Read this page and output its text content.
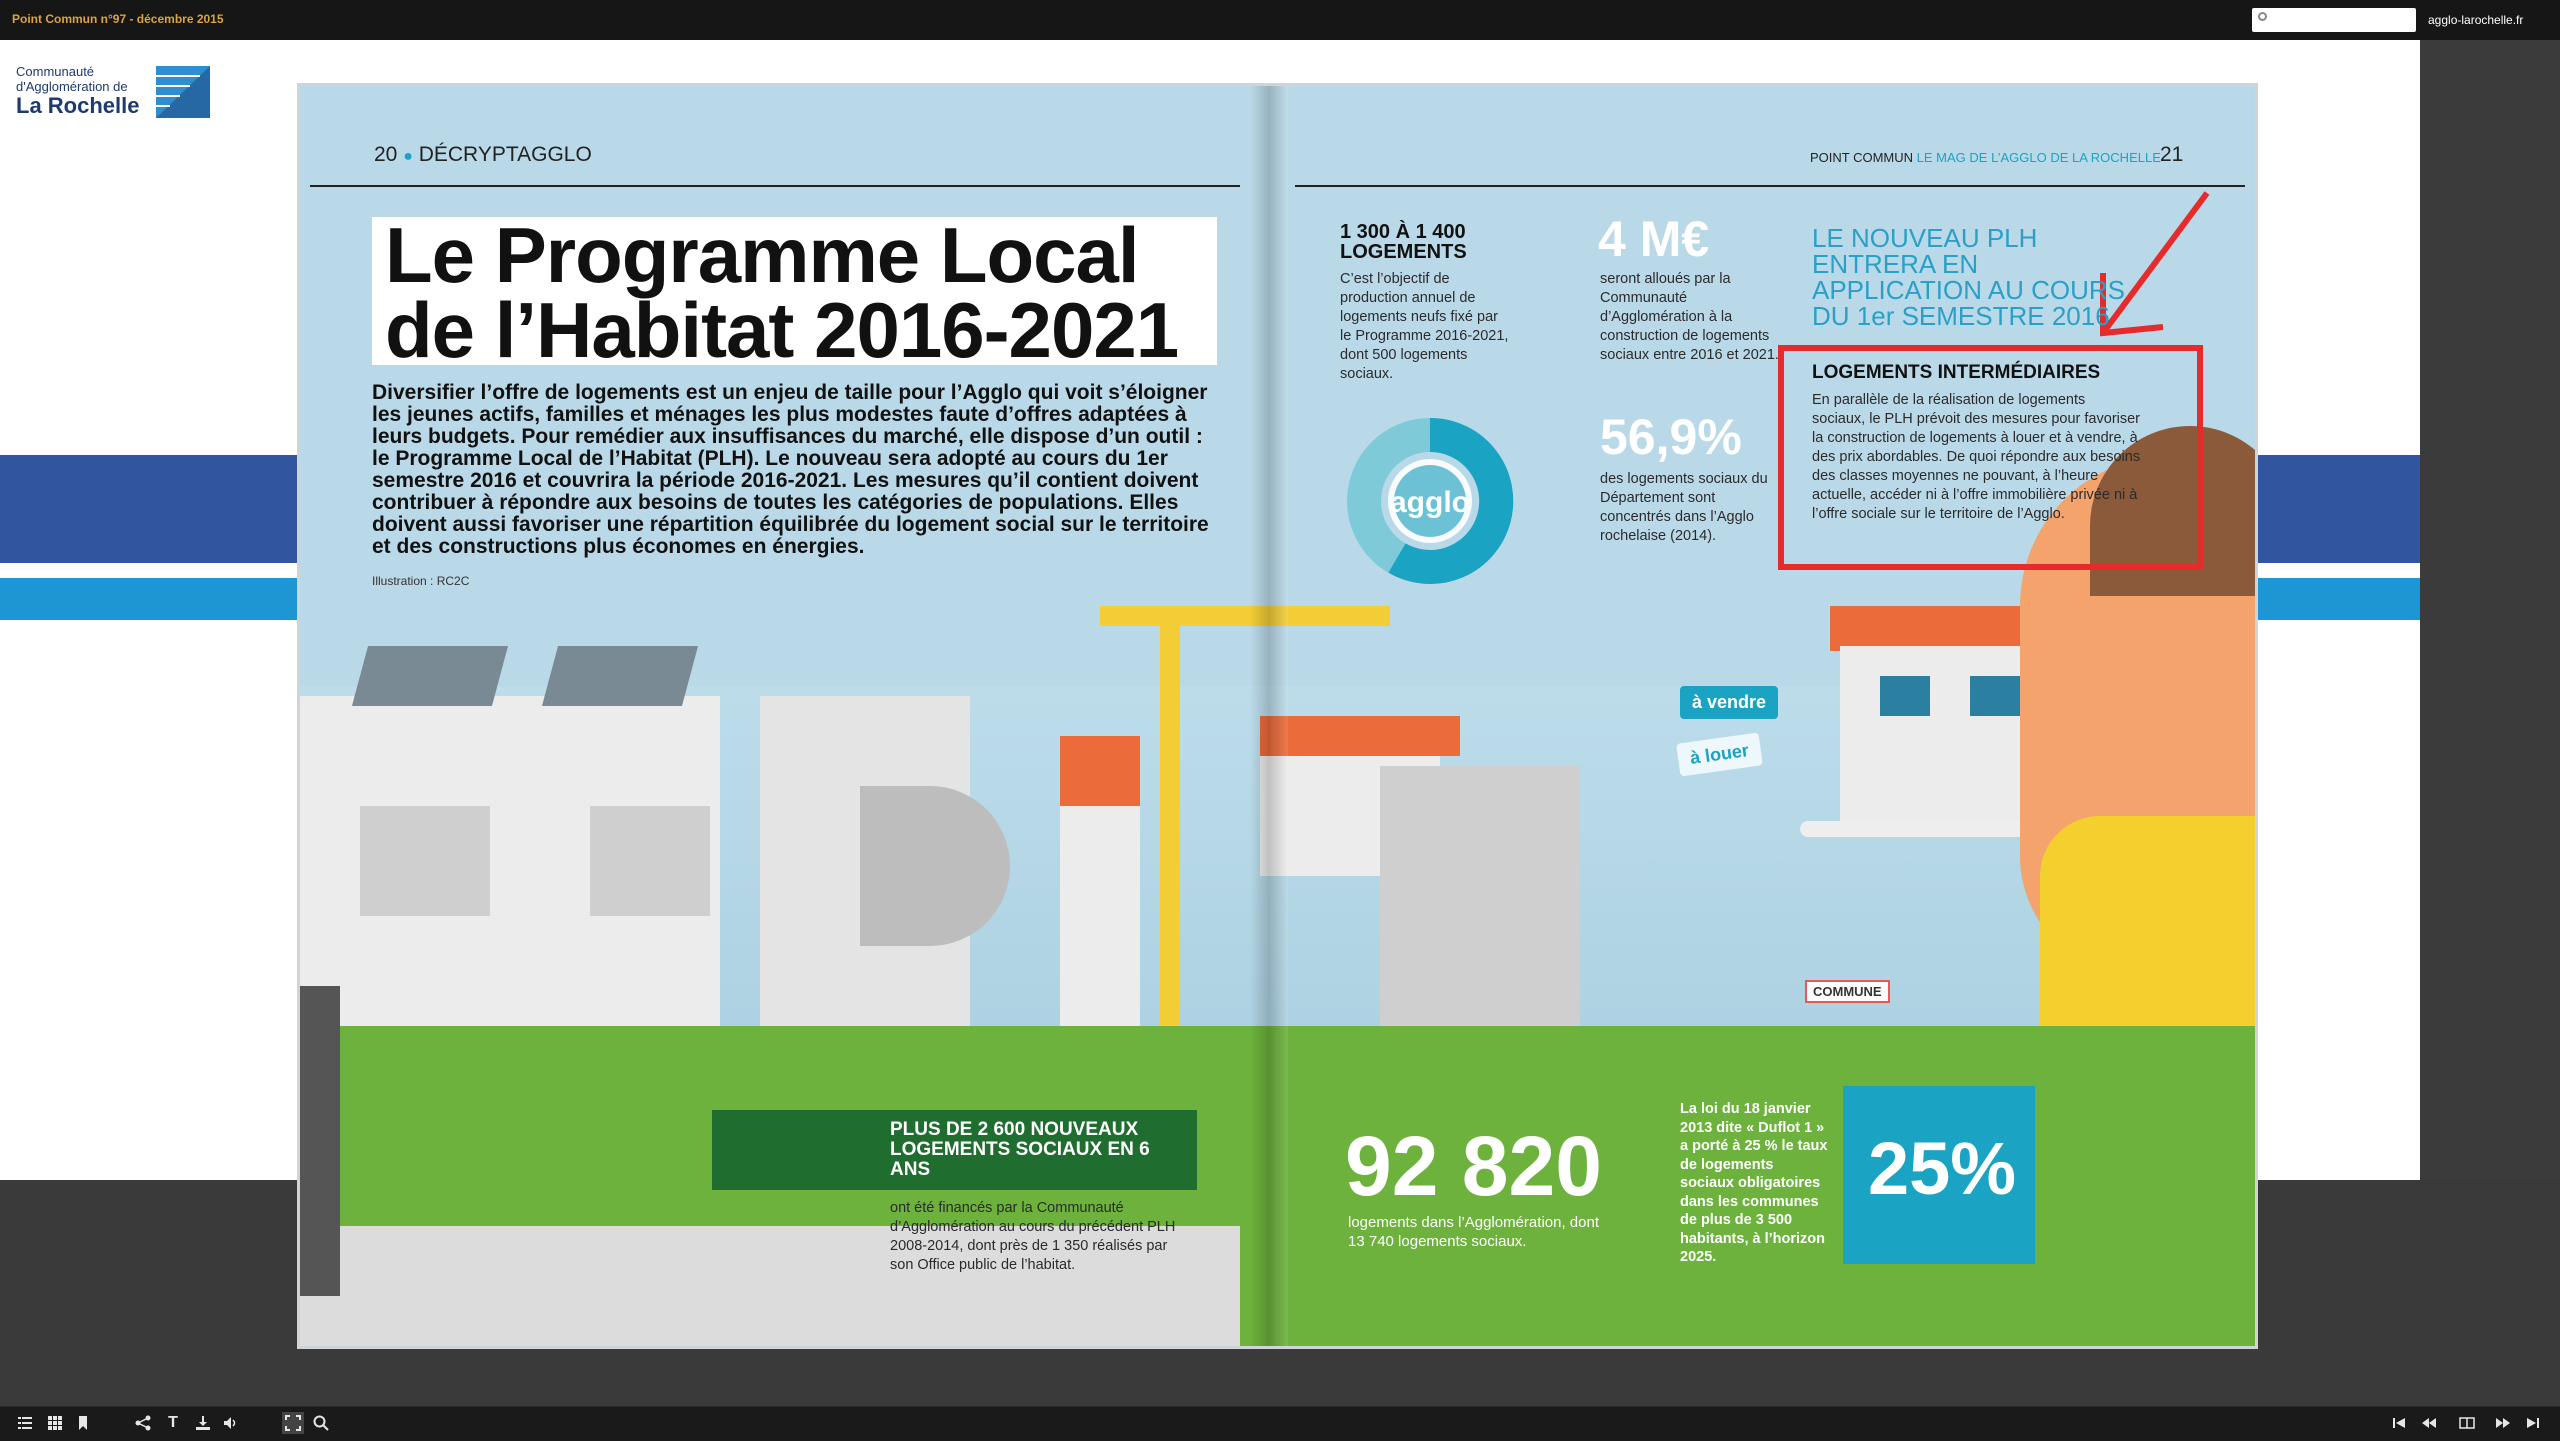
Point Commun n°97 - décembre 2015	agglo-larochelle.fr
Communauté
d'Agglomération de
La Rochelle
agglo
à vendre
à louer
COMMUNE
PLUS DE 2 600 NOUVEAUX LOGEMENTS SOCIAUX EN 6 ANS
ont été financés par la Communauté d’Agglomération au cours du précédent PLH 2008-2014, dont près de 1 350 réalisés par son Office public de l’habitat.
25%
20 ● DÉCRYPTAGGLO	POINT COMMUN LE MAG DE L’AGGLO DE LA ROCHELLE 21
Le Programme Local
de l’Habitat 2016-2021
Diversifier l’offre de logements est un enjeu de taille pour l’Agglo qui voit s’éloigner les jeunes actifs, familles et ménages les plus modestes faute d’offres adaptées à leurs budgets. Pour remédier aux insuffisances du marché, elle dispose d’un outil : le Programme Local de l’Habitat (PLH). Le nouveau sera adopté au cours du 1er semestre 2016 et couvrira la période 2016-2021. Les mesures qu’il contient doivent contribuer à répondre aux besoins de toutes les catégories de populations. Elles doivent aussi favoriser une répartition équilibrée du logement social sur le territoire et des constructions plus économes en énergies.
Illustration : RC2C
1 300 À 1 400 LOGEMENTS
C’est l’objectif de production annuel de logements neufs fixé par le Programme 2016-2021, dont 500 logements sociaux.
4 M€
seront alloués par la Communauté d’Agglomération à la construction de logements sociaux entre 2016 et 2021.
56,9%
des logements sociaux du Département sont concentrés dans l’Agglo rochelaise (2014).
LE NOUVEAU PLH ENTRERA EN APPLICATION AU COURS DU 1er SEMESTRE 2016
LOGEMENTS INTERMÉDIAIRES
En parallèle de la réalisation de logements sociaux, le PLH prévoit des mesures pour favoriser la construction de logements à louer et à vendre, à des prix abordables. De quoi répondre aux besoins des classes moyennes ne pouvant, à l’heure actuelle, accéder ni à l’offre immobilière privée ni à l’offre sociale sur le territoire de l’Agglo.
92 820
logements dans l’Agglomération, dont 13 740 logements sociaux.
La loi du 18 janvier 2013 dite « Duflot 1 » a porté à 25 % le taux de logements sociaux obligatoires dans les communes de plus de 3 500 habitants, à l’horizon 2025.
T
